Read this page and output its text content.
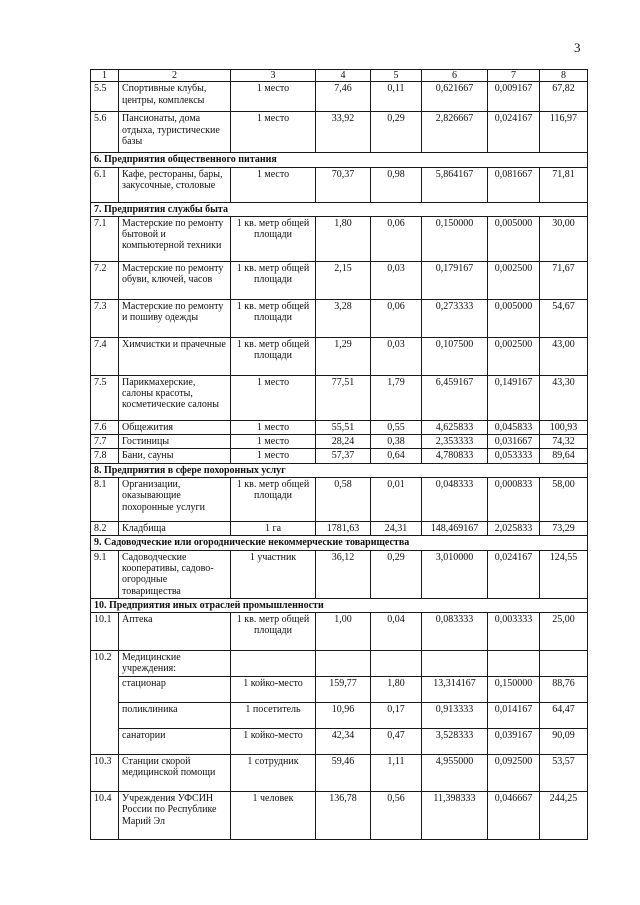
3
1	2	3	4	5	6	7	8
5.5	Спортивные клубы, центры, комплексы	1 место	7,46	0,11	0,621667	0,009167	67,82
5.6	Пансионаты, дома отдыха, туристические базы	1 место	33,92	0,29	2,826667	0,024167	116,97
6. Предприятия общественного питания							
6.1	Кафе, рестораны, бары, закусочные, столовые	1 место	70,37	0,98	5,864167	0,081667	71,81
7. Предприятия службы быта							
7.1	Мастерские по ремонту бытовой и компьютерной техники	1 кв. метр общей площади	1,80	0,06	0,150000	0,005000	30,00
7.2	Мастерские по ремонту обуви, ключей, часов	1 кв. метр общей площади	2,15	0,03	0,179167	0,002500	71,67
7.3	Мастерские по ремонту и пошиву одежды	1 кв. метр общей площади	3,28	0,06	0,273333	0,005000	54,67
7.4	Химчистки и прачечные	1 кв. метр общей площади	1,29	0,03	0,107500	0,002500	43,00
7.5	Парикмахерские, салоны красоты, косметические салоны	1 место	77,51	1,79	6,459167	0,149167	43,30
7.6	Общежития	1 место	55,51	0,55	4,625833	0,045833	100,93
7.7	Гостиницы	1 место	28,24	0,38	2,353333	0,031667	74,32
7.8	Бани, сауны	1 место	57,37	0,64	4,780833	0,053333	89,64
8. Предприятия в сфере похоронных услуг							
8.1	Организации, оказывающие похоронные услуги	1 кв. метр общей площади	0,58	0,01	0,048333	0,000833	58,00
8.2	Кладбища	1 га	1781,63	24,31	148,469167	2,025833	73,29
9. Садоводческие или огороднические некоммерческие товарищества							
9.1	Садоводческие кооперативы, садово-огородные товарищества	1 участник	36,12	0,29	3,010000	0,024167	124,55
10. Предприятия иных отраслей промышленности							
10.1	Аптека	1 кв. метр общей площади	1,00	0,04	0,083333	0,003333	25,00
10.2	Медицинские учреждения:						
	стационар	1 койко-место	159,77	1,80	13,314167	0,150000	88,76
	поликлиника	1 посетитель	10,96	0,17	0,913333	0,014167	64,47
	санатории	1 койко-место	42,34	0,47	3,528333	0,039167	90,09
10.3	Станции скорой медицинской помощи	1 сотрудник	59,46	1,11	4,955000	0,092500	53,57
10.4	Учреждения УФСИН России по Республике Марий Эл	1 человек	136,78	0,56	11,398333	0,046667	244,25
